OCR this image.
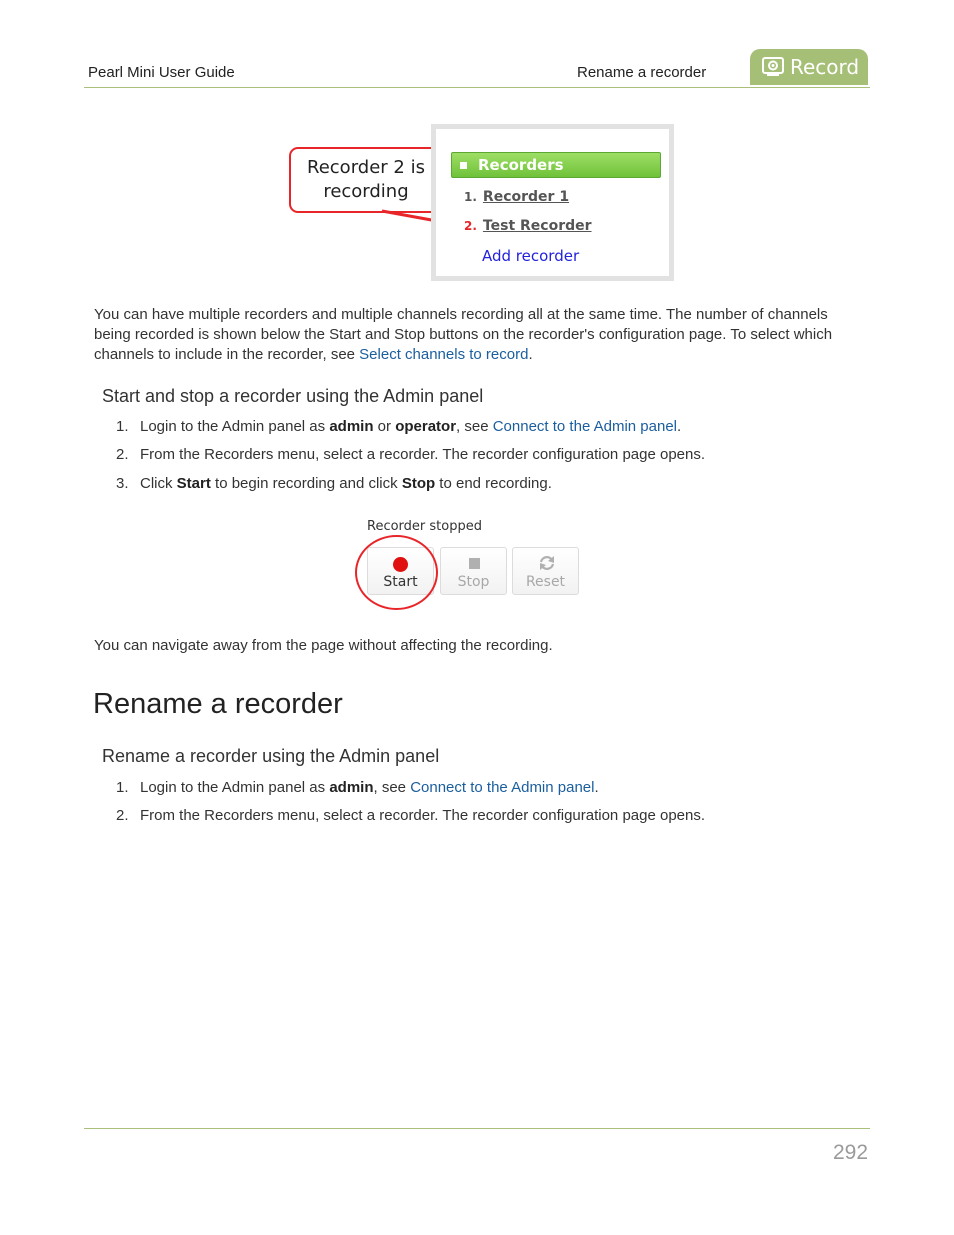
Pearl Mini User Guide	Rename a recorder	Record
Recorder 2 is
recording
Recorders
1. Recorder 1
2. Test Recorder
Add recorder
You can have multiple recorders and multiple channels recording all at the same time. The number of channels being recorded is shown below the Start and Stop buttons on the recorder's configuration page. To select which channels to include in the recorder, see Select channels to record.
Start and stop a recorder using the Admin panel
1. Login to the Admin panel as admin or operator, see Connect to the Admin panel.
2. From the Recorders menu, select a recorder. The recorder configuration page opens.
3. Click Start to begin recording and click Stop to end recording.
Recorder stopped
Start	Stop	Reset
You can navigate away from the page without affecting the recording.
Rename a recorder
Rename a recorder using the Admin panel
1. Login to the Admin panel as admin, see Connect to the Admin panel.
2. From the Recorders menu, select a recorder. The recorder configuration page opens.
292
